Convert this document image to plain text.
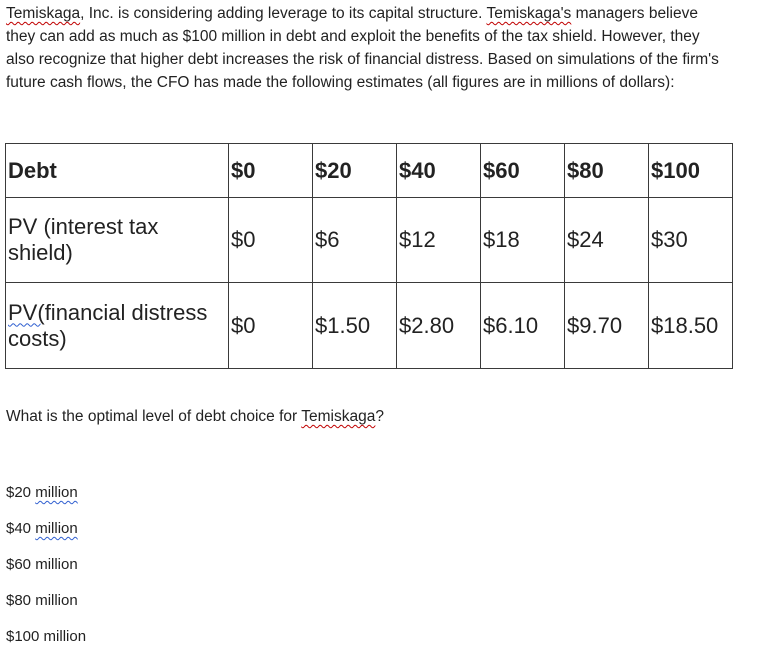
Temiskaga, Inc. is considering adding leverage to its capital structure. Temiskaga's managers believe
they can add as much as $100 million in debt and exploit the benefits of the tax shield. However, they
also recognize that higher debt increases the risk of financial distress. Based on simulations of the firm's
future cash flows, the CFO has made the following estimates (all figures are in millions of dollars):
Debt	$0	$20	$40	$60	$80	$100
PV (interest tax shield)	$0	$6	$12	$18	$24	$30
PV(financial distress costs)	$0	$1.50	$2.80	$6.10	$9.70	$18.50

What is the optimal level of debt choice for Temiskaga?

$20 million
$40 million
$60 million
$80 million
$100 million
